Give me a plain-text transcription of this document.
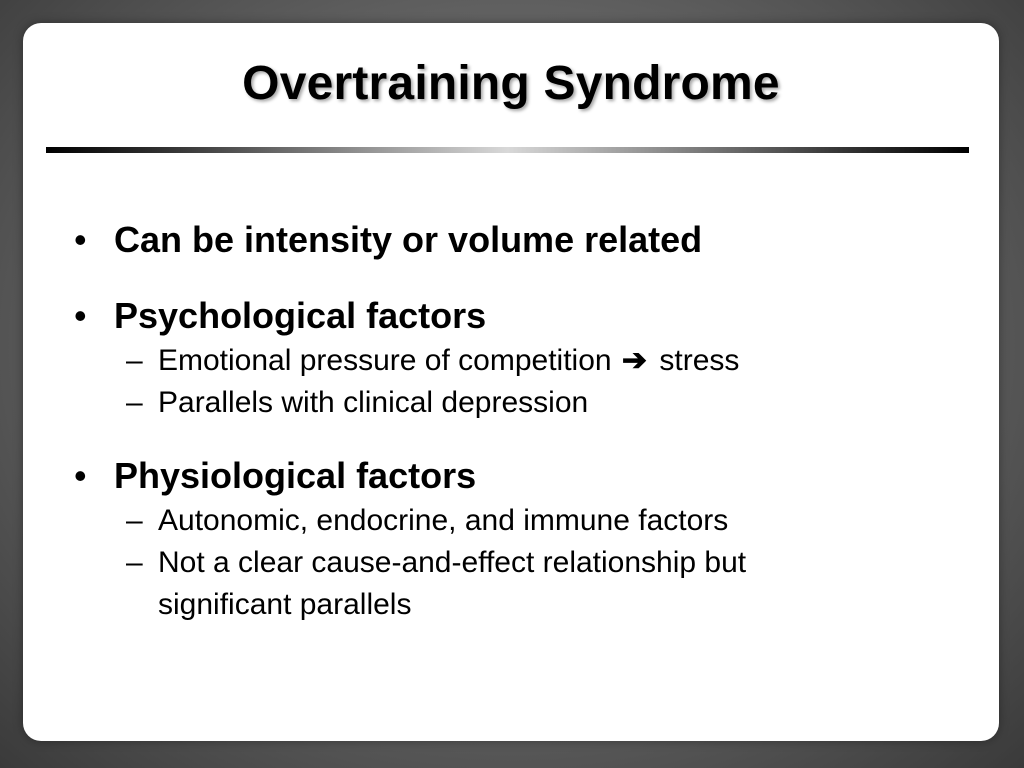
Overtraining Syndrome
• Can be intensity or volume related
• Psychological factors
– Emotional pressure of competition ➔ stress
– Parallels with clinical depression
• Physiological factors
– Autonomic, endocrine, and immune factors
– Not a clear cause-and-effect relationship but
significant parallels
